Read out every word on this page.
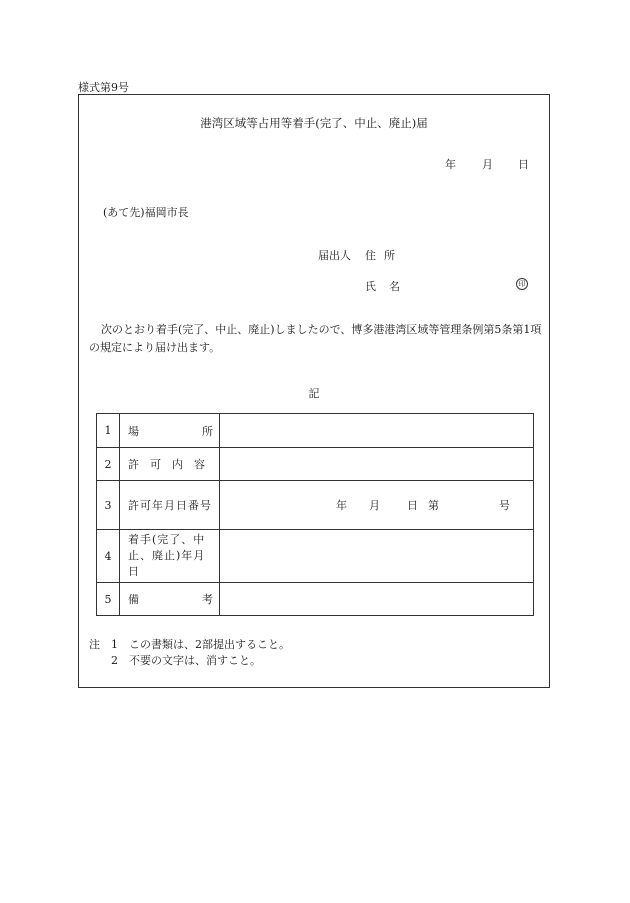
様式第9号
港湾区域等占用等着手(完了、中止、廃止)届
年 月 日
(あて先)福岡市長
届出人 住所
氏名	印
次のとおり着手(完了、中止、廃止)しましたので、博多港港湾区域等管理条例第5条第1項の規定により届け出ます。
記
1	場 所	

2	許可内容	
3	許可年月日番号	年 月 日 第 号

4	着手(完了、中止、廃止)年月日	

5	備 考	

注	1	この書類は、2部提出すること。
2	不要の文字は、消すこと。
